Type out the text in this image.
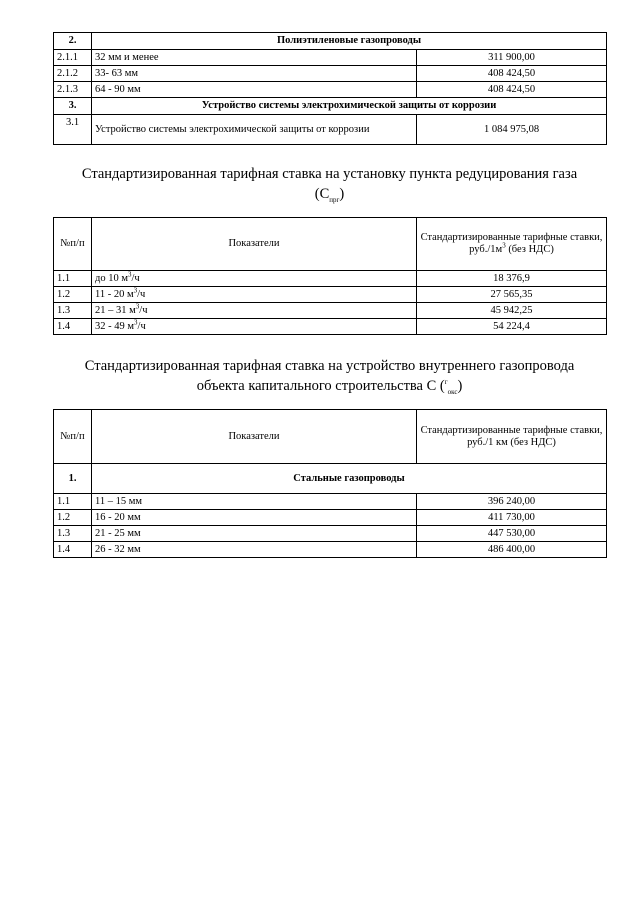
2.	Полиэтиленовые газопроводы	
2.1.1	32 мм и менее	311 900,00
2.1.2	33- 63 мм	408 424,50
2.1.3	64 - 90 мм	408 424,50
3.	Устройство системы электрохимической защиты от коррозии	
3.1	Устройство системы электрохимической защиты от коррозии	1 084 975,08
Стандартизированная тарифная ставка на установку пункта редуцирования газа
$(С_{прг})$
№п/п	Показатели	Стандартизированные тарифные ставки, $руб./1м^3$ (без НДС)
1.1	до 10 $м^3/ч$	18 376,9
1.2	11 - 20 $м^3/ч$	27 565,35
1.3	21 – 31 $м^3/ч$	45 942,25
1.4	32 - 49 $м^3/ч$	54 224,4
Стандартизированная тарифная ставка на устройство внутреннего газопровода
объекта капитального строительства С ($^г_{окс}$)
№п/п	Показатели	Стандартизированные тарифные ставки, руб./1 км (без НДС)
1.	Стальные газопроводы	
1.1	11 – 15 мм	396 240,00
1.2	16 - 20 мм	411 730,00
1.3	21 - 25 мм	447 530,00
1.4	26 - 32 мм	486 400,00
